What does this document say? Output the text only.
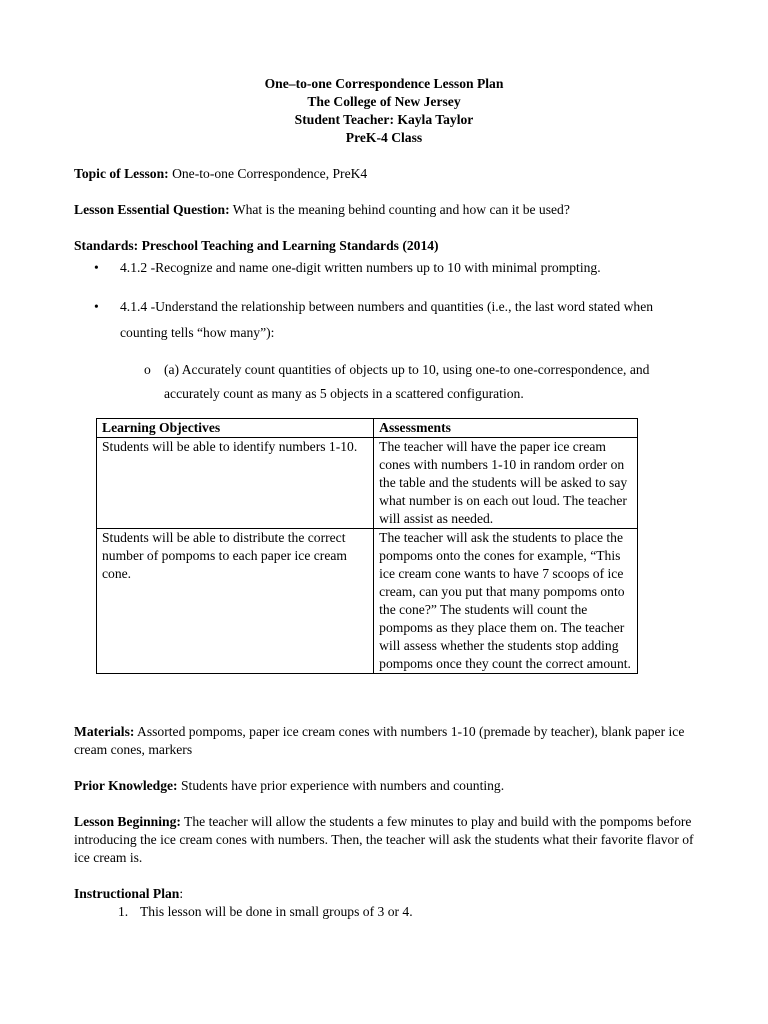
One–to-one Correspondence Lesson Plan
The College of New Jersey
Student Teacher: Kayla Taylor
PreK-4 Class
Topic of Lesson: One-to-one Correspondence, PreK4
Lesson Essential Question: What is the meaning behind counting and how can it be used?
Standards: Preschool Teaching and Learning Standards (2014)
• 4.1.2 -Recognize and name one-digit written numbers up to 10 with minimal prompting.
• 4.1.4 -Understand the relationship between numbers and quantities (i.e., the last word stated when counting tells “how many”):
o (a) Accurately count quantities of objects up to 10, using one-to one-correspondence, and accurately count as many as 5 objects in a scattered configuration.
Learning Objectives	Assessments
Students will be able to identify numbers 1-10.	The teacher will have the paper ice cream cones with numbers 1-10 in random order on the table and the students will be asked to say what number is on each out loud. The teacher will assist as needed.
Students will be able to distribute the correct number of pompoms to each paper ice cream cone.	The teacher will ask the students to place the pompoms onto the cones for example, “This ice cream cone wants to have 7 scoops of ice cream, can you put that many pompoms onto the cone?” The students will count the pompoms as they place them on. The teacher will assess whether the students stop adding pompoms once they count the correct amount.
Materials: Assorted pompoms, paper ice cream cones with numbers 1-10 (premade by teacher), blank paper ice cream cones, markers
Prior Knowledge: Students have prior experience with numbers and counting.
Lesson Beginning: The teacher will allow the students a few minutes to play and build with the pompoms before introducing the ice cream cones with numbers. Then, the teacher will ask the students what their favorite flavor of ice cream is.
Instructional Plan:
1. This lesson will be done in small groups of 3 or 4.
